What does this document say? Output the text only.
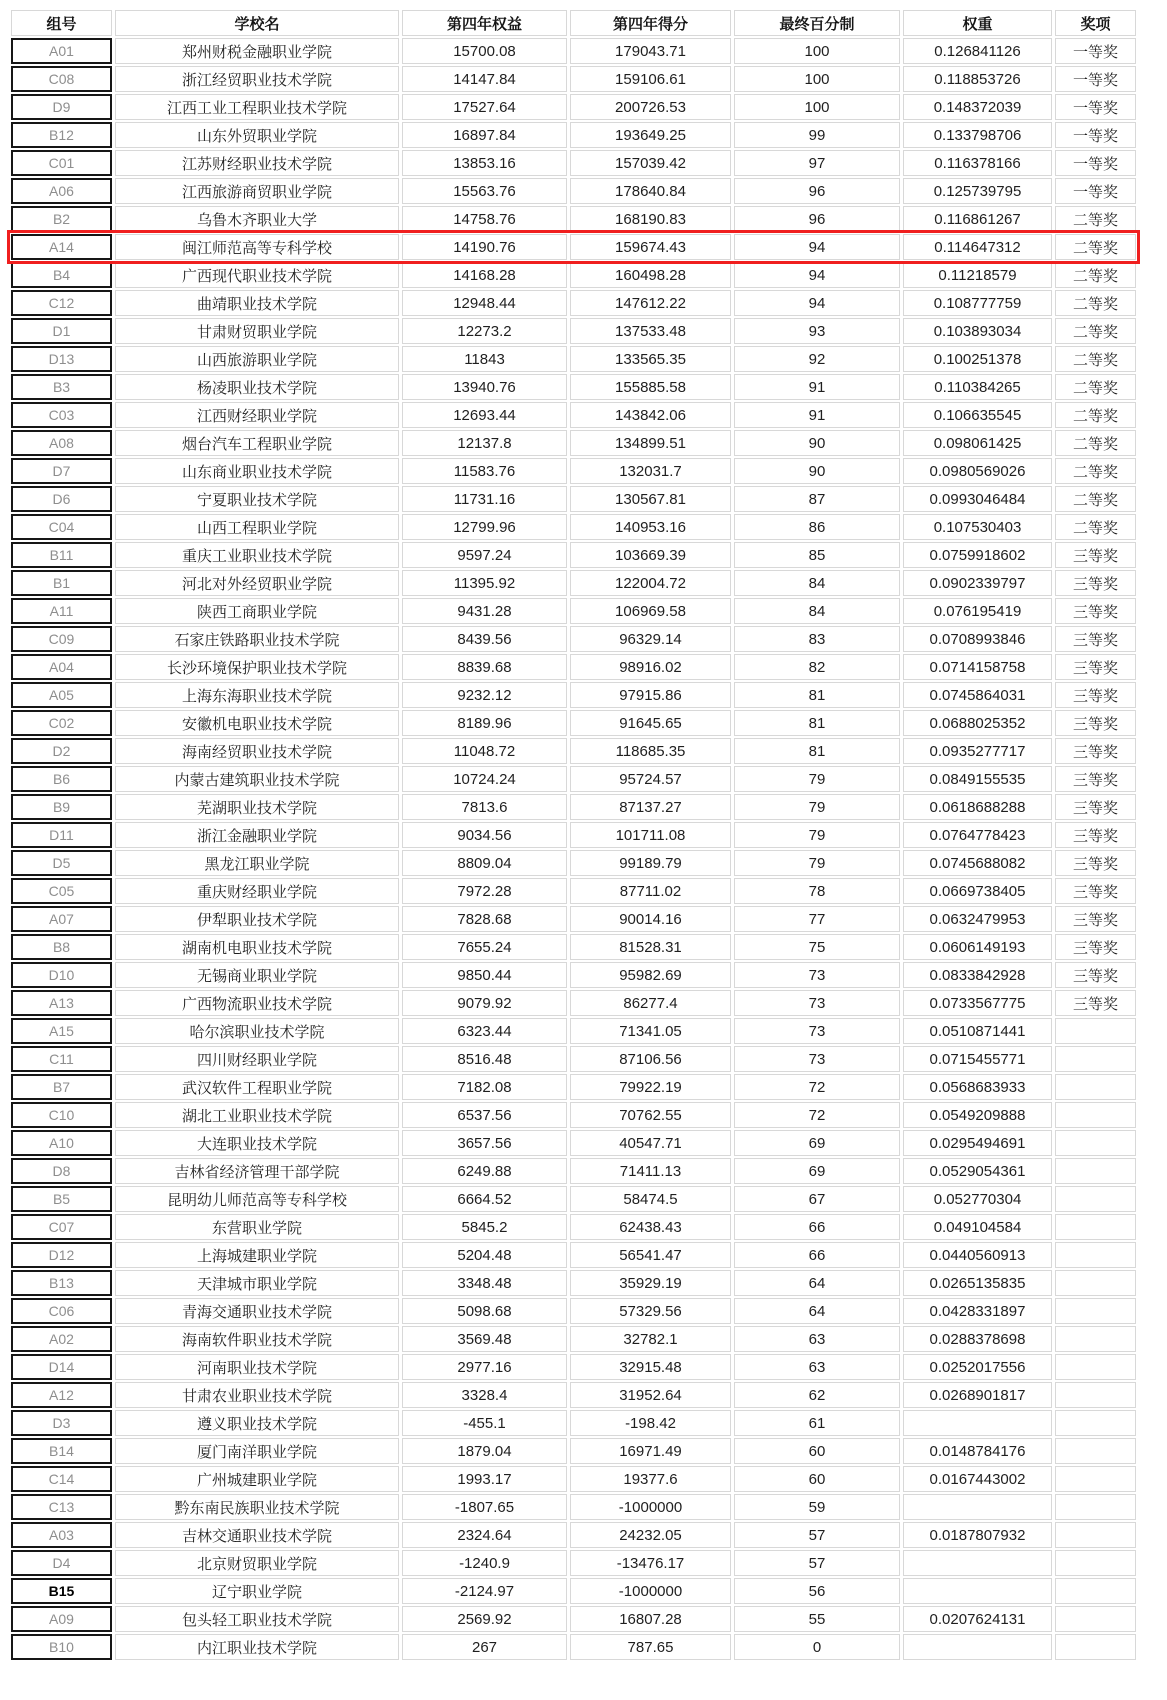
组号	学校名	第四年权益	第四年得分	最终百分制	权重	奖项
A01	郑州财税金融职业学院	15700.08	179043.71	100	0.126841126	一等奖
C08	浙江经贸职业技术学院	14147.84	159106.61	100	0.118853726	一等奖
D9	江西工业工程职业技术学院	17527.64	200726.53	100	0.148372039	一等奖
B12	山东外贸职业学院	16897.84	193649.25	99	0.133798706	一等奖
C01	江苏财经职业技术学院	13853.16	157039.42	97	0.116378166	一等奖
A06	江西旅游商贸职业学院	15563.76	178640.84	96	0.125739795	一等奖
B2	乌鲁木齐职业大学	14758.76	168190.83	96	0.116861267	二等奖
A14	闽江师范高等专科学校	14190.76	159674.43	94	0.114647312	二等奖
B4	广西现代职业技术学院	14168.28	160498.28	94	0.11218579	二等奖
C12	曲靖职业技术学院	12948.44	147612.22	94	0.108777759	二等奖
D1	甘肃财贸职业学院	12273.2	137533.48	93	0.103893034	二等奖
D13	山西旅游职业学院	11843	133565.35	92	0.100251378	二等奖
B3	杨凌职业技术学院	13940.76	155885.58	91	0.110384265	二等奖
C03	江西财经职业学院	12693.44	143842.06	91	0.106635545	二等奖
A08	烟台汽车工程职业学院	12137.8	134899.51	90	0.098061425	二等奖
D7	山东商业职业技术学院	11583.76	132031.7	90	0.0980569026	二等奖
D6	宁夏职业技术学院	11731.16	130567.81	87	0.0993046484	二等奖
C04	山西工程职业学院	12799.96	140953.16	86	0.107530403	二等奖
B11	重庆工业职业技术学院	9597.24	103669.39	85	0.0759918602	三等奖
B1	河北对外经贸职业学院	11395.92	122004.72	84	0.0902339797	三等奖
A11	陕西工商职业学院	9431.28	106969.58	84	0.076195419	三等奖
C09	石家庄铁路职业技术学院	8439.56	96329.14	83	0.0708993846	三等奖
A04	长沙环境保护职业技术学院	8839.68	98916.02	82	0.0714158758	三等奖
A05	上海东海职业技术学院	9232.12	97915.86	81	0.0745864031	三等奖
C02	安徽机电职业技术学院	8189.96	91645.65	81	0.0688025352	三等奖
D2	海南经贸职业技术学院	11048.72	118685.35	81	0.0935277717	三等奖
B6	内蒙古建筑职业技术学院	10724.24	95724.57	79	0.0849155535	三等奖
B9	芜湖职业技术学院	7813.6	87137.27	79	0.0618688288	三等奖
D11	浙江金融职业学院	9034.56	101711.08	79	0.0764778423	三等奖
D5	黑龙江职业学院	8809.04	99189.79	79	0.0745688082	三等奖
C05	重庆财经职业学院	7972.28	87711.02	78	0.0669738405	三等奖
A07	伊犁职业技术学院	7828.68	90014.16	77	0.0632479953	三等奖
B8	湖南机电职业技术学院	7655.24	81528.31	75	0.0606149193	三等奖
D10	无锡商业职业学院	9850.44	95982.69	73	0.0833842928	三等奖
A13	广西物流职业技术学院	9079.92	86277.4	73	0.0733567775	三等奖
A15	哈尔滨职业技术学院	6323.44	71341.05	73	0.0510871441	
C11	四川财经职业学院	8516.48	87106.56	73	0.0715455771	
B7	武汉软件工程职业学院	7182.08	79922.19	72	0.0568683933	
C10	湖北工业职业技术学院	6537.56	70762.55	72	0.0549209888	
A10	大连职业技术学院	3657.56	40547.71	69	0.0295494691	
D8	吉林省经济管理干部学院	6249.88	71411.13	69	0.0529054361	
B5	昆明幼儿师范高等专科学校	6664.52	58474.5	67	0.052770304	
C07	东营职业学院	5845.2	62438.43	66	0.049104584	
D12	上海城建职业学院	5204.48	56541.47	66	0.0440560913	
B13	天津城市职业学院	3348.48	35929.19	64	0.0265135835	
C06	青海交通职业技术学院	5098.68	57329.56	64	0.0428331897	
A02	海南软件职业技术学院	3569.48	32782.1	63	0.0288378698	
D14	河南职业技术学院	2977.16	32915.48	63	0.0252017556	
A12	甘肃农业职业技术学院	3328.4	31952.64	62	0.0268901817	
D3	遵义职业技术学院	-455.1	-198.42	61		
B14	厦门南洋职业学院	1879.04	16971.49	60	0.0148784176	
C14	广州城建职业学院	1993.17	19377.6	60	0.0167443002	
C13	黔东南民族职业技术学院	-1807.65	-1000000	59		
A03	吉林交通职业技术学院	2324.64	24232.05	57	0.0187807932	
D4	北京财贸职业学院	-1240.9	-13476.17	57		
B15	辽宁职业学院	-2124.97	-1000000	56		
A09	包头轻工职业技术学院	2569.92	16807.28	55	0.0207624131	
B10	内江职业技术学院	267	787.65	0		
